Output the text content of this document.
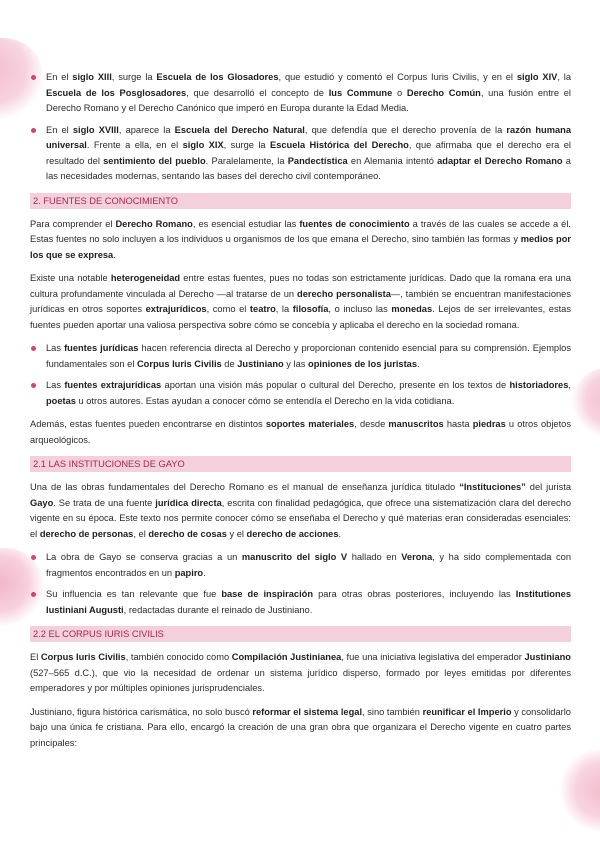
En el siglo XIII, surge la Escuela de los Glosadores, que estudió y comentó el Corpus Iuris Civilis, y en el siglo XIV, la Escuela de los Posglosadores, que desarrolló el concepto de Ius Commune o Derecho Común, una fusión entre el Derecho Romano y el Derecho Canónico que imperó en Europa durante la Edad Media.

En el siglo XVIII, aparece la Escuela del Derecho Natural, que defendía que el derecho provenía de la razón humana universal. Frente a ella, en el siglo XIX, surge la Escuela Histórica del Derecho, que afirmaba que el derecho era el resultado del sentimiento del pueblo. Paralelamente, la Pandectística en Alemania intentó adaptar el Derecho Romano a las necesidades modernas, sentando las bases del derecho civil contemporáneo.

2. FUENTES DE CONOCIMIENTO

Para comprender el Derecho Romano, es esencial estudiar las fuentes de conocimiento a través de las cuales se accede a él. Estas fuentes no solo incluyen a los individuos u organismos de los que emana el Derecho, sino también las formas y medios por los que se expresa.

Existe una notable heterogeneidad entre estas fuentes, pues no todas son estrictamente jurídicas. Dado que la romana era una cultura profundamente vinculada al Derecho —al tratarse de un derecho personalista—, también se encuentran manifestaciones jurídicas en otros soportes extrajurídicos, como el teatro, la filosofía, o incluso las monedas. Lejos de ser irrelevantes, estas fuentes pueden aportar una valiosa perspectiva sobre cómo se concebía y aplicaba el derecho en la sociedad romana.

Las fuentes jurídicas hacen referencia directa al Derecho y proporcionan contenido esencial para su comprensión. Ejemplos fundamentales son el Corpus Iuris Civilis de Justiniano y las opiniones de los juristas.

Las fuentes extrajurídicas aportan una visión más popular o cultural del Derecho, presente en los textos de historiadores, poetas u otros autores. Estas ayudan a conocer cómo se entendía el Derecho en la vida cotidiana.

Además, estas fuentes pueden encontrarse en distintos soportes materiales, desde manuscritos hasta piedras u otros objetos arqueológicos.

2.1 LAS INSTITUCIONES DE GAYO

Una de las obras fundamentales del Derecho Romano es el manual de enseñanza jurídica titulado “Instituciones” del jurista Gayo. Se trata de una fuente jurídica directa, escrita con finalidad pedagógica, que ofrece una sistematización clara del derecho vigente en su época. Este texto nos permite conocer cómo se enseñaba el Derecho y qué materias eran consideradas esenciales: el derecho de personas, el derecho de cosas y el derecho de acciones.

La obra de Gayo se conserva gracias a un manuscrito del siglo V hallado en Verona, y ha sido complementada con fragmentos encontrados en un papiro.

Su influencia es tan relevante que fue base de inspiración para otras obras posteriores, incluyendo las Institutiones Iustiniani Augusti, redactadas durante el reinado de Justiniano.

2.2 EL CORPUS IURIS CIVILIS

El Corpus Iuris Civilis, también conocido como Compilación Justinianea, fue una iniciativa legislativa del emperador Justiniano (527–565 d.C.), que vio la necesidad de ordenar un sistema jurídico disperso, formado por leyes emitidas por diferentes emperadores y por múltiples opiniones jurisprudenciales.

Justiniano, figura histórica carismática, no solo buscó reformar el sistema legal, sino también reunificar el Imperio y consolidarlo bajo una única fe cristiana. Para ello, encargó la creación de una gran obra que organizara el Derecho vigente en cuatro partes principales:
